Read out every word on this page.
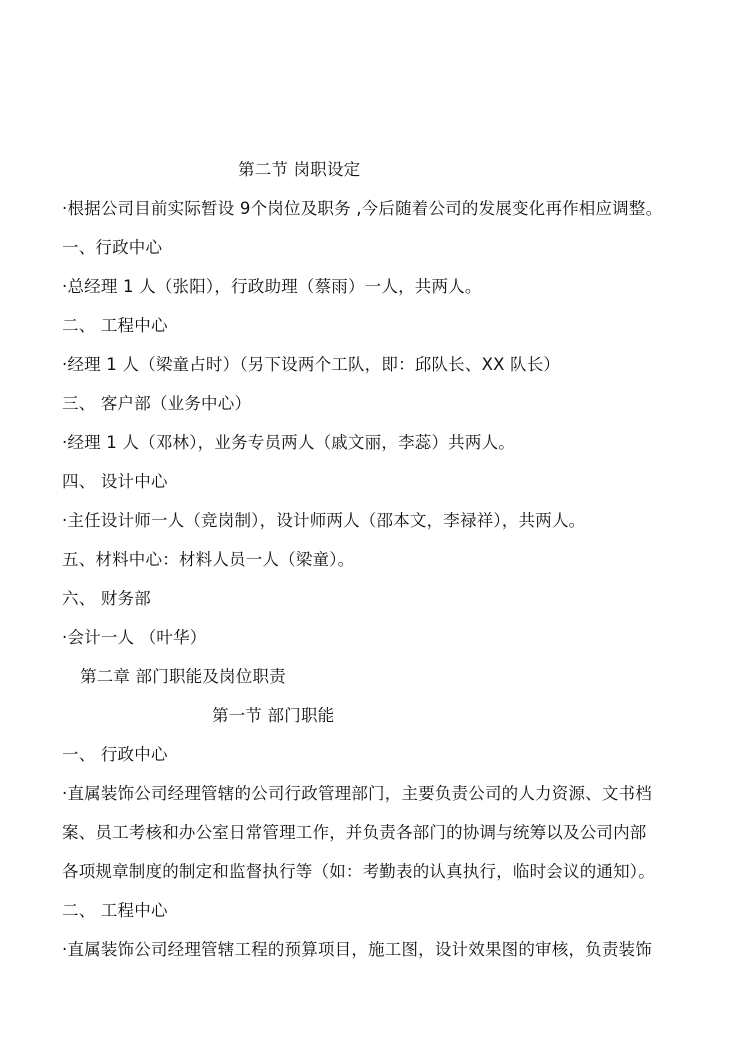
第二节 岗职设定
·根据公司目前实际暂设 9个岗位及职务 ,今后随着公司的发展变化再作相应调整。
一、行政中心
·总经理 1 人（张阳），行政助理（蔡雨）一人，共两人。
二、 工程中心
·经理 1 人（梁童占时）（另下设两个工队，即：邱队长、XX 队长）
三、 客户部（业务中心）
·经理 1 人（邓林），业务专员两人（戚文丽，李蕊）共两人。
四、 设计中心
·主任设计师一人（竞岗制），设计师两人（邵本文，李禄祥），共两人。
五、材料中心：材料人员一人（梁童）。
六、 财务部
·会计一人 （叶华）
第二章 部门职能及岗位职责
第一节 部门职能
一、 行政中心
·直属装饰公司经理管辖的公司行政管理部门，主要负责公司的人力资源、文书档
案、员工考核和办公室日常管理工作，并负责各部门的协调与统筹以及公司内部
各项规章制度的制定和监督执行等（如：考勤表的认真执行，临时会议的通知）。
二、 工程中心
·直属装饰公司经理管辖工程的预算项目，施工图，设计效果图的审核，负责装饰
